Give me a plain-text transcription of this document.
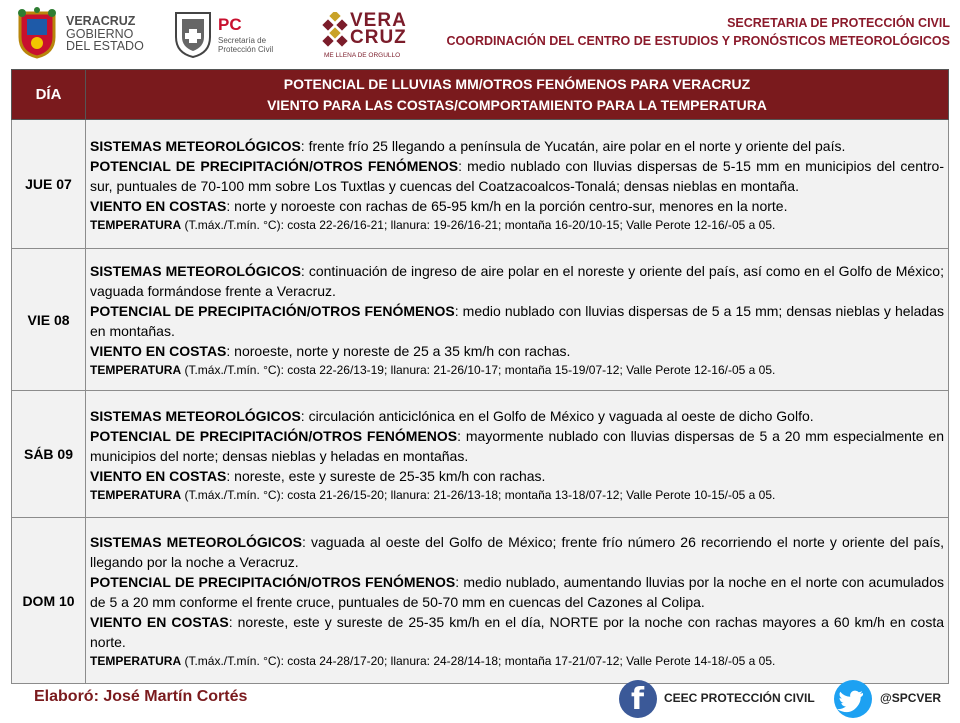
VERACRUZ
GOBIERNO
DEL ESTADO
PC
Secretaría de Protección Civil
VERA
CRUZ
ME LLENA DE ORGULLO
SECRETARIA DE PROTECCIÓN CIVIL
COORDINACIÓN DEL CENTRO DE ESTUDIOS Y PRONÓSTICOS METEOROLÓGICOS
DÍA	POTENCIAL DE LLUVIAS MM/OTROS FENÓMENOS PARA VERACRUZ
VIENTO PARA LAS COSTAS/COMPORTAMIENTO PARA LA TEMPERATURA

JUE 07	SISTEMAS METEOROLÓGICOS: frente frío 25 llegando a península de Yucatán, aire polar en el norte y oriente del país.

POTENCIAL DE PRECIPITACIÓN/OTROS FENÓMENOS: medio nublado con lluvias dispersas de 5-15 mm en municipios del centro-sur, puntuales de 70-100 mm sobre Los Tuxtlas y cuencas del Coatzacoalcos-Tonalá; densas nieblas en montaña.

VIENTO EN COSTAS: norte y noroeste con rachas de 65-95 km/h en la porción centro-sur, menores en la norte.

TEMPERATURA (T.máx./T.mín. °C): costa 22-26/16-21; llanura: 19-26/16-21; montaña 16-20/10-15; Valle Perote 12-16/-05 a 05.

VIE 08	SISTEMAS METEOROLÓGICOS: continuación de ingreso de aire polar en el noreste y oriente del país, así como en el Golfo de México; vaguada formándose frente a Veracruz.

POTENCIAL DE PRECIPITACIÓN/OTROS FENÓMENOS: medio nublado con lluvias dispersas de 5 a 15 mm; densas nieblas y heladas en montañas.

VIENTO EN COSTAS: noroeste, norte y noreste de 25 a 35 km/h con rachas.

TEMPERATURA (T.máx./T.mín. °C): costa 22-26/13-19; llanura: 21-26/10-17; montaña 15-19/07-12; Valle Perote 12-16/-05 a 05.

SÁB 09	SISTEMAS METEOROLÓGICOS: circulación anticiclónica en el Golfo de México y vaguada al oeste de dicho Golfo.

POTENCIAL DE PRECIPITACIÓN/OTROS FENÓMENOS: mayormente nublado con lluvias dispersas de 5 a 20 mm especialmente en municipios del norte; densas nieblas y heladas en montañas.

VIENTO EN COSTAS: noreste, este y sureste de 25-35 km/h con rachas.

TEMPERATURA (T.máx./T.mín. °C): costa 21-26/15-20; llanura: 21-26/13-18; montaña 13-18/07-12; Valle Perote 10-15/-05 a 05.

DOM 10	SISTEMAS METEOROLÓGICOS: vaguada al oeste del Golfo de México; frente frío número 26 recorriendo el norte y oriente del país, llegando por la noche a Veracruz.

POTENCIAL DE PRECIPITACIÓN/OTROS FENÓMENOS: medio nublado, aumentando lluvias por la noche en el norte con acumulados de 5 a 20 mm conforme el frente cruce, puntuales de 50-70 mm en cuencas del Cazones al Colipa.

VIENTO EN COSTAS: noreste, este y sureste de 25-35 km/h en el día, NORTE por la noche con rachas mayores a 60 km/h en costa norte.

TEMPERATURA (T.máx./T.mín. °C): costa 24-28/17-20; llanura: 24-28/14-18; montaña 17-21/07-12; Valle Perote 14-18/-05 a 05.

Elaboró: José Martín Cortés	f CEEC PROTECCIÓN CIVIL	@SPCVER
